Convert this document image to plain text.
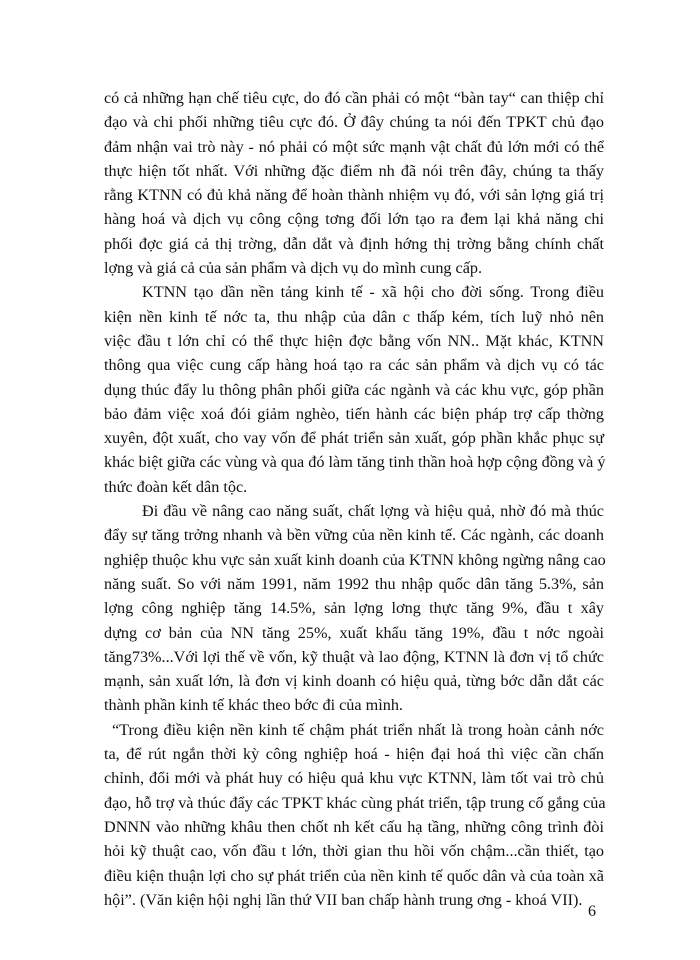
có cả những hạn chế tiêu cực, do đó cần phải có một “bàn tay“ can thiệp chỉ
đạo và chi phối những tiêu cực đó. Ở đây chúng ta nói đến TPKT chủ đạo
đảm nhận vai trò này - nó phải có một sức mạnh vật chất đủ lớn mới có thể
thực hiện tốt nhất. Với những đặc điểm nh đã nói trên đây, chúng ta thấy
rằng KTNN có đủ khả năng để hoàn thành nhiệm vụ đó, với sản lợng giá trị
hàng hoá và dịch vụ công cộng tơng đối lớn tạo ra đem lại khả năng chi
phối đợc giá cả thị trờng, dẫn dắt và định hớng thị trờng bằng chính chất
lợng và giá cả của sản phẩm và dịch vụ do mình cung cấp.
KTNN tạo dần nền tảng kinh tế - xã hội cho đời sống. Trong điều
kiện nền kinh tế nớc ta, thu nhập của dân c thấp kém, tích luỹ nhỏ nên
việc đầu t lớn chỉ có thể thực hiện đợc bằng vốn NN.. Mặt khác, KTNN
thông qua việc cung cấp hàng hoá tạo ra các sản phẩm và dịch vụ có tác
dụng thúc đẩy lu thông phân phối giữa các ngành và các khu vực, góp phần
bảo đảm việc xoá đói giảm nghèo, tiến hành các biện pháp trợ cấp thờng
xuyên, đột xuất, cho vay vốn để phát triển sản xuất, góp phần khắc phục sự
khác biệt giữa các vùng và qua đó làm tăng tinh thần hoà hợp cộng đồng và ý
thức đoàn kết dân tộc.
Đi đầu về nâng cao năng suất, chất lợng và hiệu quả, nhờ đó mà thúc
đẩy sự tăng trởng nhanh và bền vững của nền kinh tế. Các ngành, các doanh
nghiệp thuộc khu vực sản xuất kinh doanh của KTNN không ngừng nâng cao
năng suất. So với năm 1991, năm 1992 thu nhập quốc dân tăng 5.3%, sản
lợng công nghiệp tăng 14.5%, sản lợng lơng thực tăng 9%, đầu t xây
dựng cơ bản của NN tăng 25%, xuất khẩu tăng 19%, đầu t nớc ngoài
tăng73%...Với lợi thế về vốn, kỹ thuật và lao động, KTNN là đơn vị tổ chức
mạnh, sản xuất lớn, là đơn vị kinh doanh có hiệu quả, từng bớc dẫn dắt các
thành phần kinh tế khác theo bớc đi của mình.
“Trong điều kiện nền kinh tế chậm phát triển nhất là trong hoàn cảnh nớc
ta, để rút ngắn thời kỳ công nghiệp hoá - hiện đại hoá thì việc cần chấn
chỉnh, đổi mới và phát huy có hiệu quả khu vực KTNN, làm tốt vai trò chủ
đạo, hỗ trợ và thúc đẩy các TPKT khác cùng phát triển, tập trung cố gắng của
DNNN vào những khâu then chốt nh kết cấu hạ tầng, những công trình đòi
hỏi kỹ thuật cao, vốn đầu t lớn, thời gian thu hồi vốn chậm...cần thiết, tạo
điều kiện thuận lợi cho sự phát triển của nền kinh tế quốc dân và của toàn xã
hội”. (Văn kiện hội nghị lần thứ VII ban chấp hành trung ơng - khoá VII).
6
